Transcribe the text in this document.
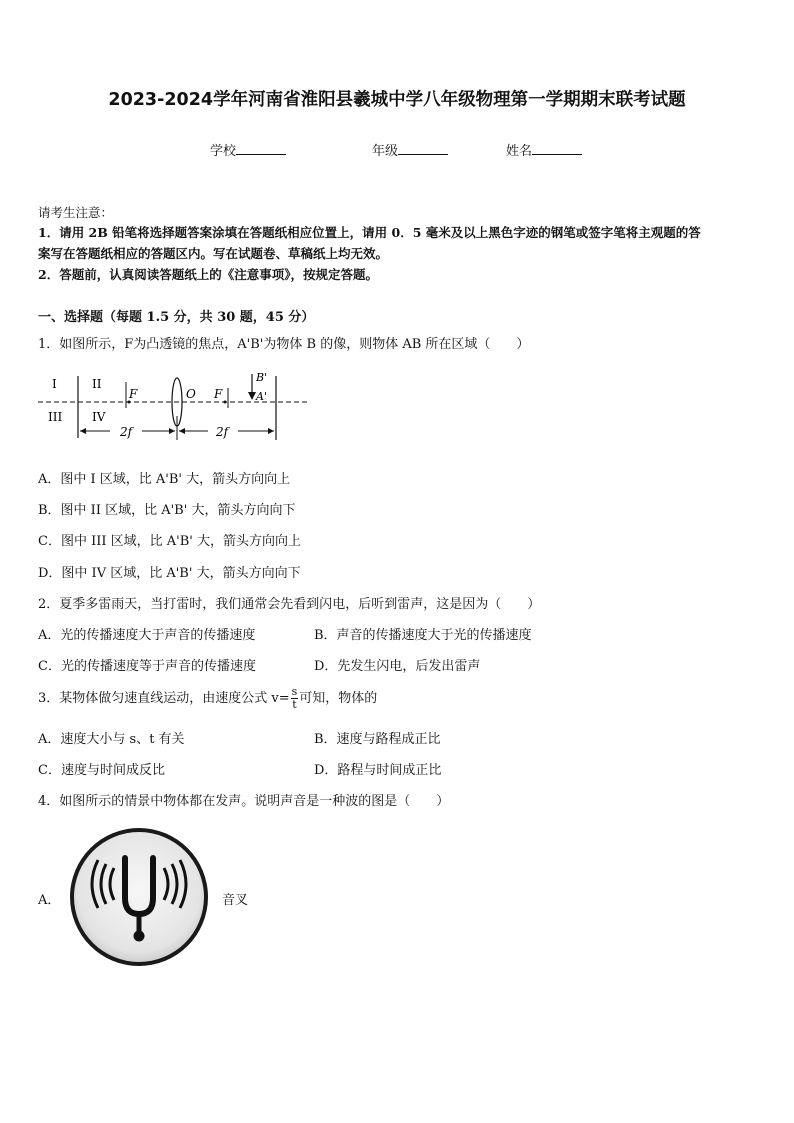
2023-2024学年河南省淮阳县羲城中学八年级物理第一学期期末联考试题
学校	年级	姓名
请考生注意：
1．请用 2B 铅笔将选择题答案涂填在答题纸相应位置上，请用 0．5 毫米及以上黑色字迹的钢笔或签字笔将主观题的答
案写在答题纸相应的答题区内。写在试题卷、草稿纸上均无效。
2．答题前，认真阅读答题纸上的《注意事项》，按规定答题。
一、选择题（每题 1.5 分，共 30 题，45 分）
1．如图所示，F为凸透镜的焦点，A'B'为物体 B 的像，则物体 AB 所在区域（　　）
I	II
III IV
F	O F
B'
A'
2f	2f
A．图中 I 区域，比 A'B' 大，箭头方向向上
B．图中 II 区域，比 A'B' 大，箭头方向向下
C．图中 III 区域，比 A'B' 大，箭头方向向上
D．图中 IV 区域，比 A'B' 大，箭头方向向下
2．夏季多雷雨天，当打雷时，我们通常会先看到闪电，后听到雷声，这是因为（　　）
A．光的传播速度大于声音的传播速度	B．声音的传播速度大于光的传播速度
C．光的传播速度等于声音的传播速度	D．先发生闪电，后发出雷声
3．某物体做匀速直线运动，由速度公式 $v= \frac{s}{t}$ 可知，物体的
A．速度大小与 s、t 有关	B．速度与路程成正比
C．速度与时间成反比	D．路程与时间成正比
4．如图所示的情景中物体都在发声。说明声音是一种波的图是（　　）
A．	音叉
